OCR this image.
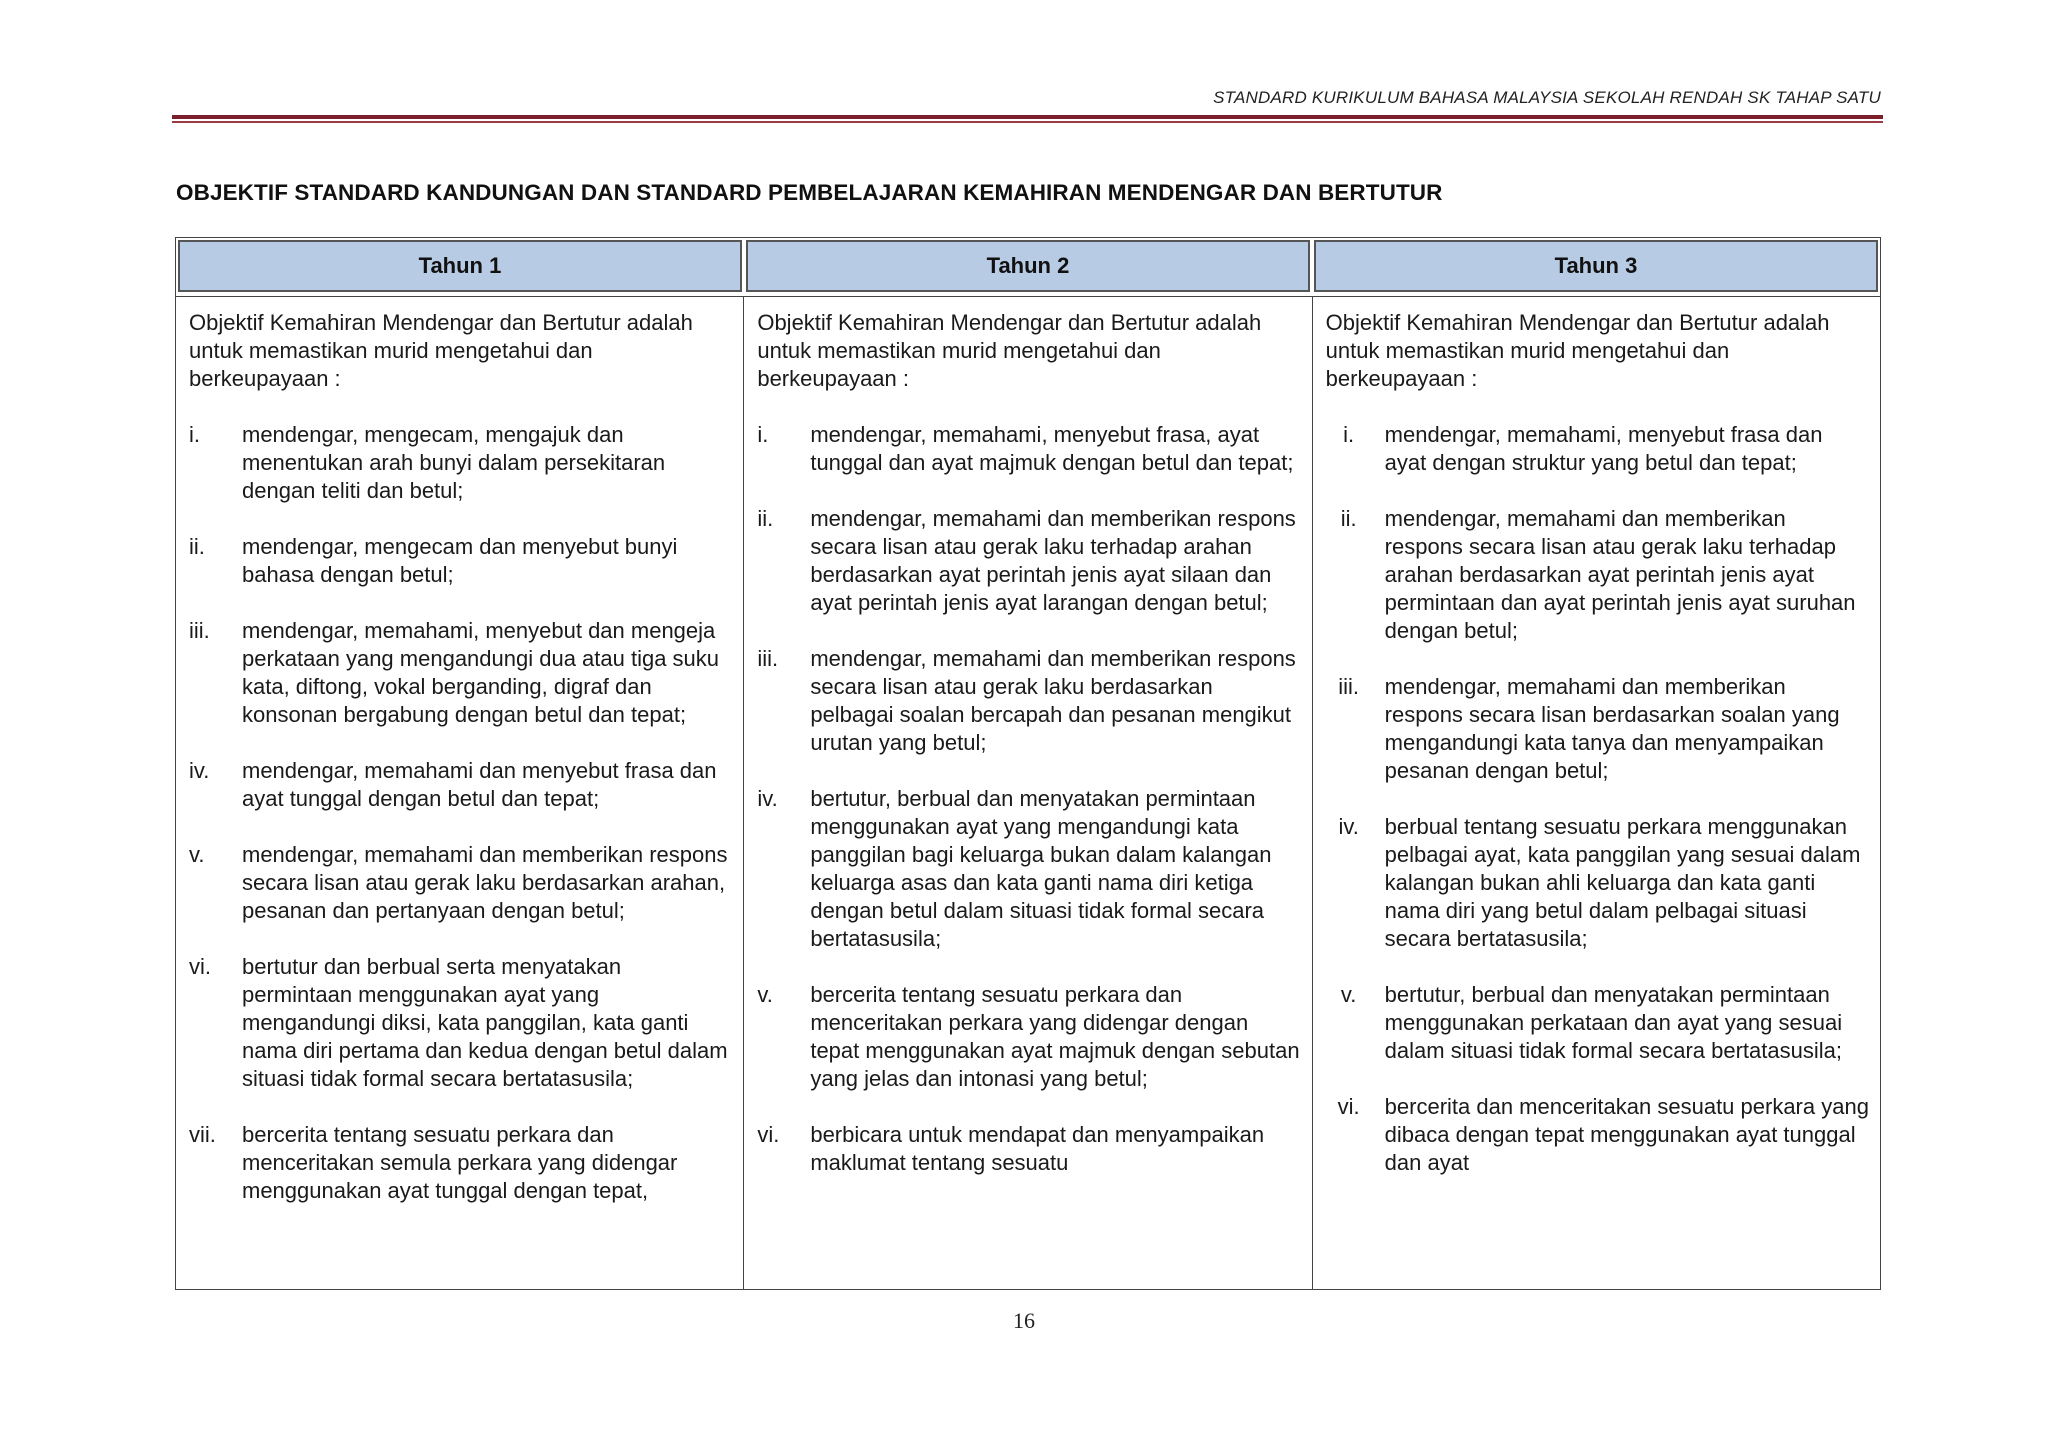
STANDARD KURIKULUM BAHASA MALAYSIA SEKOLAH RENDAH SK TAHAP SATU
OBJEKTIF STANDARD KANDUNGAN DAN STANDARD PEMBELAJARAN KEMAHIRAN MENDENGAR DAN BERTUTUR
Tahun 1	Tahun 2	Tahun 3
Objektif Kemahiran Mendengar dan Bertutur adalah untuk memastikan murid mengetahui dan berkeupayaan :
i.	mendengar, mengecam, mengajuk dan menentukan arah bunyi dalam persekitaran dengan teliti dan betul;
ii.	mendengar, mengecam dan menyebut bunyi bahasa dengan betul;
iii.	mendengar, memahami, menyebut dan mengeja perkataan yang mengandungi dua atau tiga suku kata, diftong, vokal berganding, digraf dan konsonan bergabung dengan betul dan tepat;
iv.	mendengar, memahami dan menyebut frasa dan ayat tunggal dengan betul dan tepat;
v.	mendengar, memahami dan memberikan respons secara lisan atau gerak laku berdasarkan arahan, pesanan dan pertanyaan dengan betul;
vi.	bertutur dan berbual serta menyatakan permintaan menggunakan ayat yang mengandungi diksi, kata panggilan, kata ganti nama diri pertama dan kedua dengan betul dalam situasi tidak formal secara bertatasusila;
vii.	bercerita tentang sesuatu perkara dan menceritakan semula perkara yang didengar menggunakan ayat tunggal dengan tepat,
Objektif Kemahiran Mendengar dan Bertutur adalah untuk memastikan murid mengetahui dan berkeupayaan :
i.	mendengar, memahami, menyebut frasa, ayat tunggal dan ayat majmuk dengan betul dan tepat;
ii.	mendengar, memahami dan memberikan respons secara lisan atau gerak laku terhadap arahan berdasarkan ayat perintah jenis ayat silaan dan ayat perintah jenis ayat larangan dengan betul;
iii.	mendengar, memahami dan memberikan respons secara lisan atau gerak laku berdasarkan pelbagai soalan bercapah dan pesanan mengikut urutan yang betul;
iv.	bertutur, berbual dan menyatakan permintaan menggunakan ayat yang mengandungi kata panggilan bagi keluarga bukan dalam kalangan keluarga asas dan kata ganti nama diri ketiga dengan betul dalam situasi tidak formal secara bertatasusila;
v.	bercerita tentang sesuatu perkara dan menceritakan perkara yang didengar dengan tepat menggunakan ayat majmuk dengan sebutan yang jelas dan intonasi yang betul;
vi.	berbicara untuk mendapat dan menyampaikan maklumat tentang sesuatu
Objektif Kemahiran Mendengar dan Bertutur adalah untuk memastikan murid mengetahui dan berkeupayaan :
i.	mendengar, memahami, menyebut frasa dan ayat dengan struktur yang betul dan tepat;
ii.	mendengar, memahami dan memberikan respons secara lisan atau gerak laku terhadap arahan berdasarkan ayat perintah jenis ayat permintaan dan ayat perintah jenis ayat suruhan dengan betul;
iii.	mendengar, memahami dan memberikan respons secara lisan berdasarkan soalan yang mengandungi kata tanya dan menyampaikan pesanan dengan betul;
iv.	berbual tentang sesuatu perkara menggunakan pelbagai ayat, kata panggilan yang sesuai dalam kalangan bukan ahli keluarga dan kata ganti nama diri yang betul dalam pelbagai situasi secara bertatasusila;
v.	bertutur, berbual dan menyatakan permintaan menggunakan perkataan dan ayat yang sesuai dalam situasi tidak formal secara bertatasusila;
vi.	bercerita dan menceritakan sesuatu perkara yang dibaca dengan tepat menggunakan ayat tunggal dan ayat
16
